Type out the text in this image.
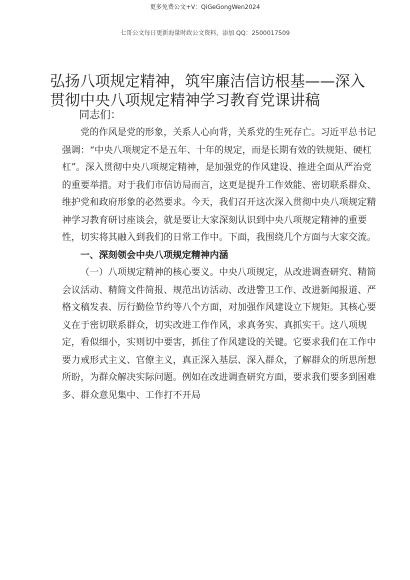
更多免费公文+V：QiGeGongWen2024
七哥公文每日更新海量时政公文资料，添加 QQ：2500017509
弘扬八项规定精神，筑牢廉洁信访根基——深入贯彻中央八项规定精神学习教育党课讲稿
同志们：

党的作风是党的形象，关系人心向背，关系党的生死存亡。习近平总书记强调：“中央八项规定不是五年、十年的规定，而是长期有效的铁规矩、硬杠杠”。深入贯彻中央八项规定精神，是加强党的作风建设、推进全面从严治党的重要举措。对于我们市信访局而言，这更是提升工作效能、密切联系群众、维护党和政府形象的必然要求。今天，我们召开这次深入贯彻中央八项规定精神学习教育研讨座谈会，就是要让大家深刻认识到中央八项规定精神的重要性，切实将其融入到我们的日常工作中。下面，我围绕几个方面与大家交流。

一、深刻领会中央八项规定精神内涵

（一）八项规定精神的核心要义。中央八项规定，从改进调查研究、精简会议活动、精简文件简报、规范出访活动、改进警卫工作、改进新闻报道、严格文稿发表、厉行勤俭节约等八个方面，对加强作风建设立下规矩。其核心要义在于密切联系群众，切实改进工作作风，求真务实、真抓实干。这八项规定，看似细小，实则切中要害，抓住了作风建设的关键。它要求我们在工作中要力戒形式主义、官僚主义，真正深入基层、深入群众，了解群众的所思所想所盼，为群众解决实际问题。例如在改进调查研究方面，要求我们要多到困难多、群众意见集中、工作打不开局
